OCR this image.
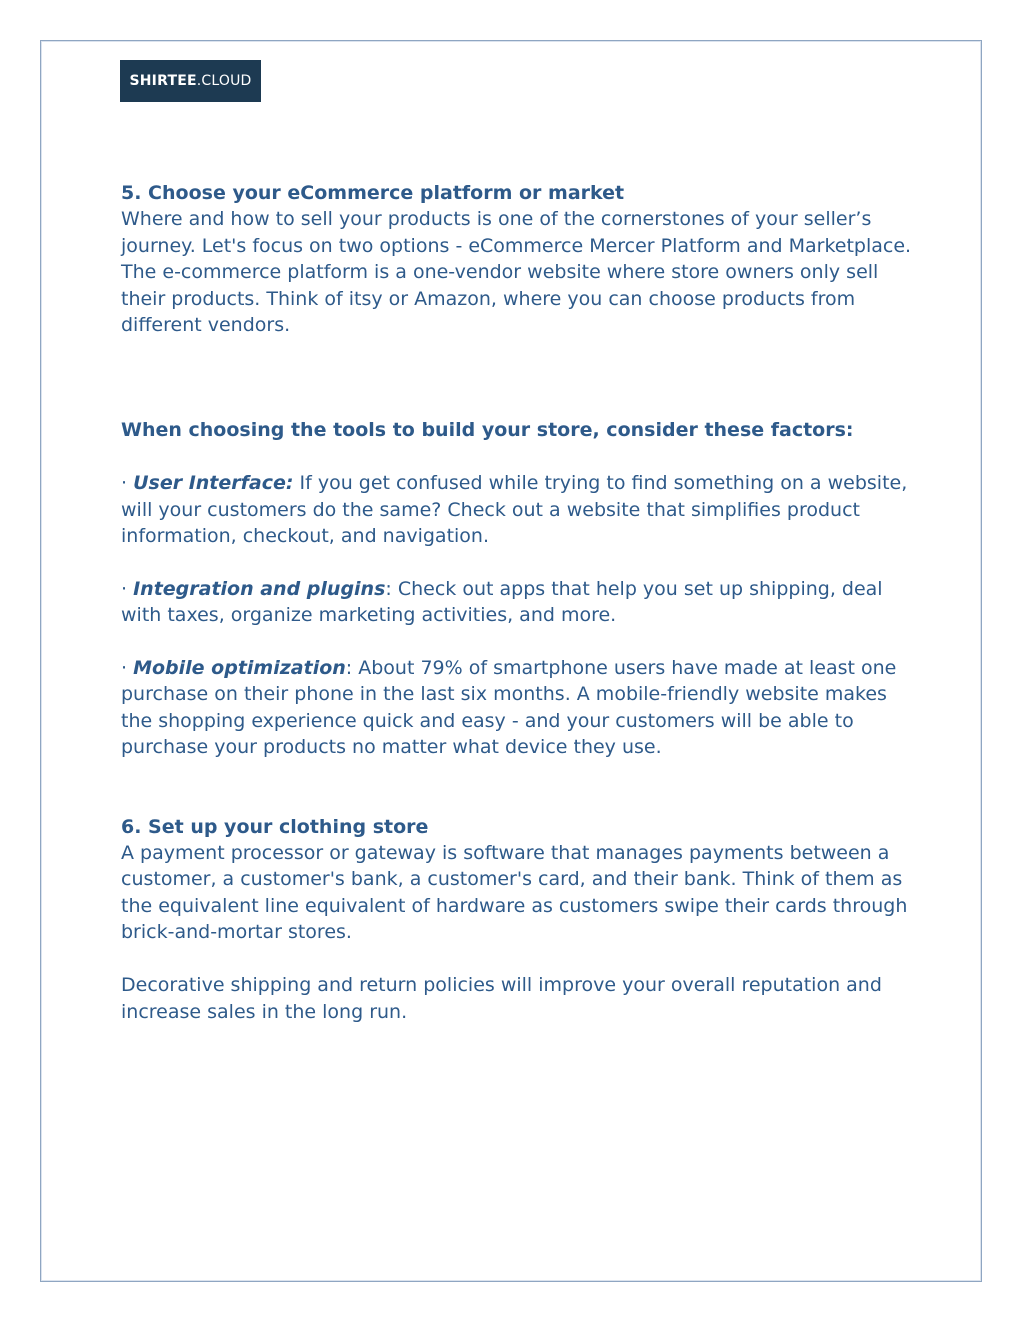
SHIRTEE.CLOUD

5. Choose your eCommerce platform or market

Where and how to sell your products is one of the cornerstones of your seller’s journey. Let's focus on two options - eCommerce Mercer Platform and Marketplace. The e-commerce platform is a one-vendor website where store owners only sell their products. Think of itsy or Amazon, where you can choose products from different vendors.

When choosing the tools to build your store, consider these factors:

· User Interface: If you get confused while trying to find something on a website, will your customers do the same? Check out a website that simplifies product information, checkout, and navigation.

· Integration and plugins: Check out apps that help you set up shipping, deal with taxes, organize marketing activities, and more.

· Mobile optimization: About 79% of smartphone users have made at least one purchase on their phone in the last six months. A mobile-friendly website makes the shopping experience quick and easy - and your customers will be able to purchase your products no matter what device they use.

6. Set up your clothing store

A payment processor or gateway is software that manages payments between a customer, a customer's bank, a customer's card, and their bank. Think of them as the equivalent line equivalent of hardware as customers swipe their cards through brick-and-mortar stores.

Decorative shipping and return policies will improve your overall reputation and increase sales in the long run.
